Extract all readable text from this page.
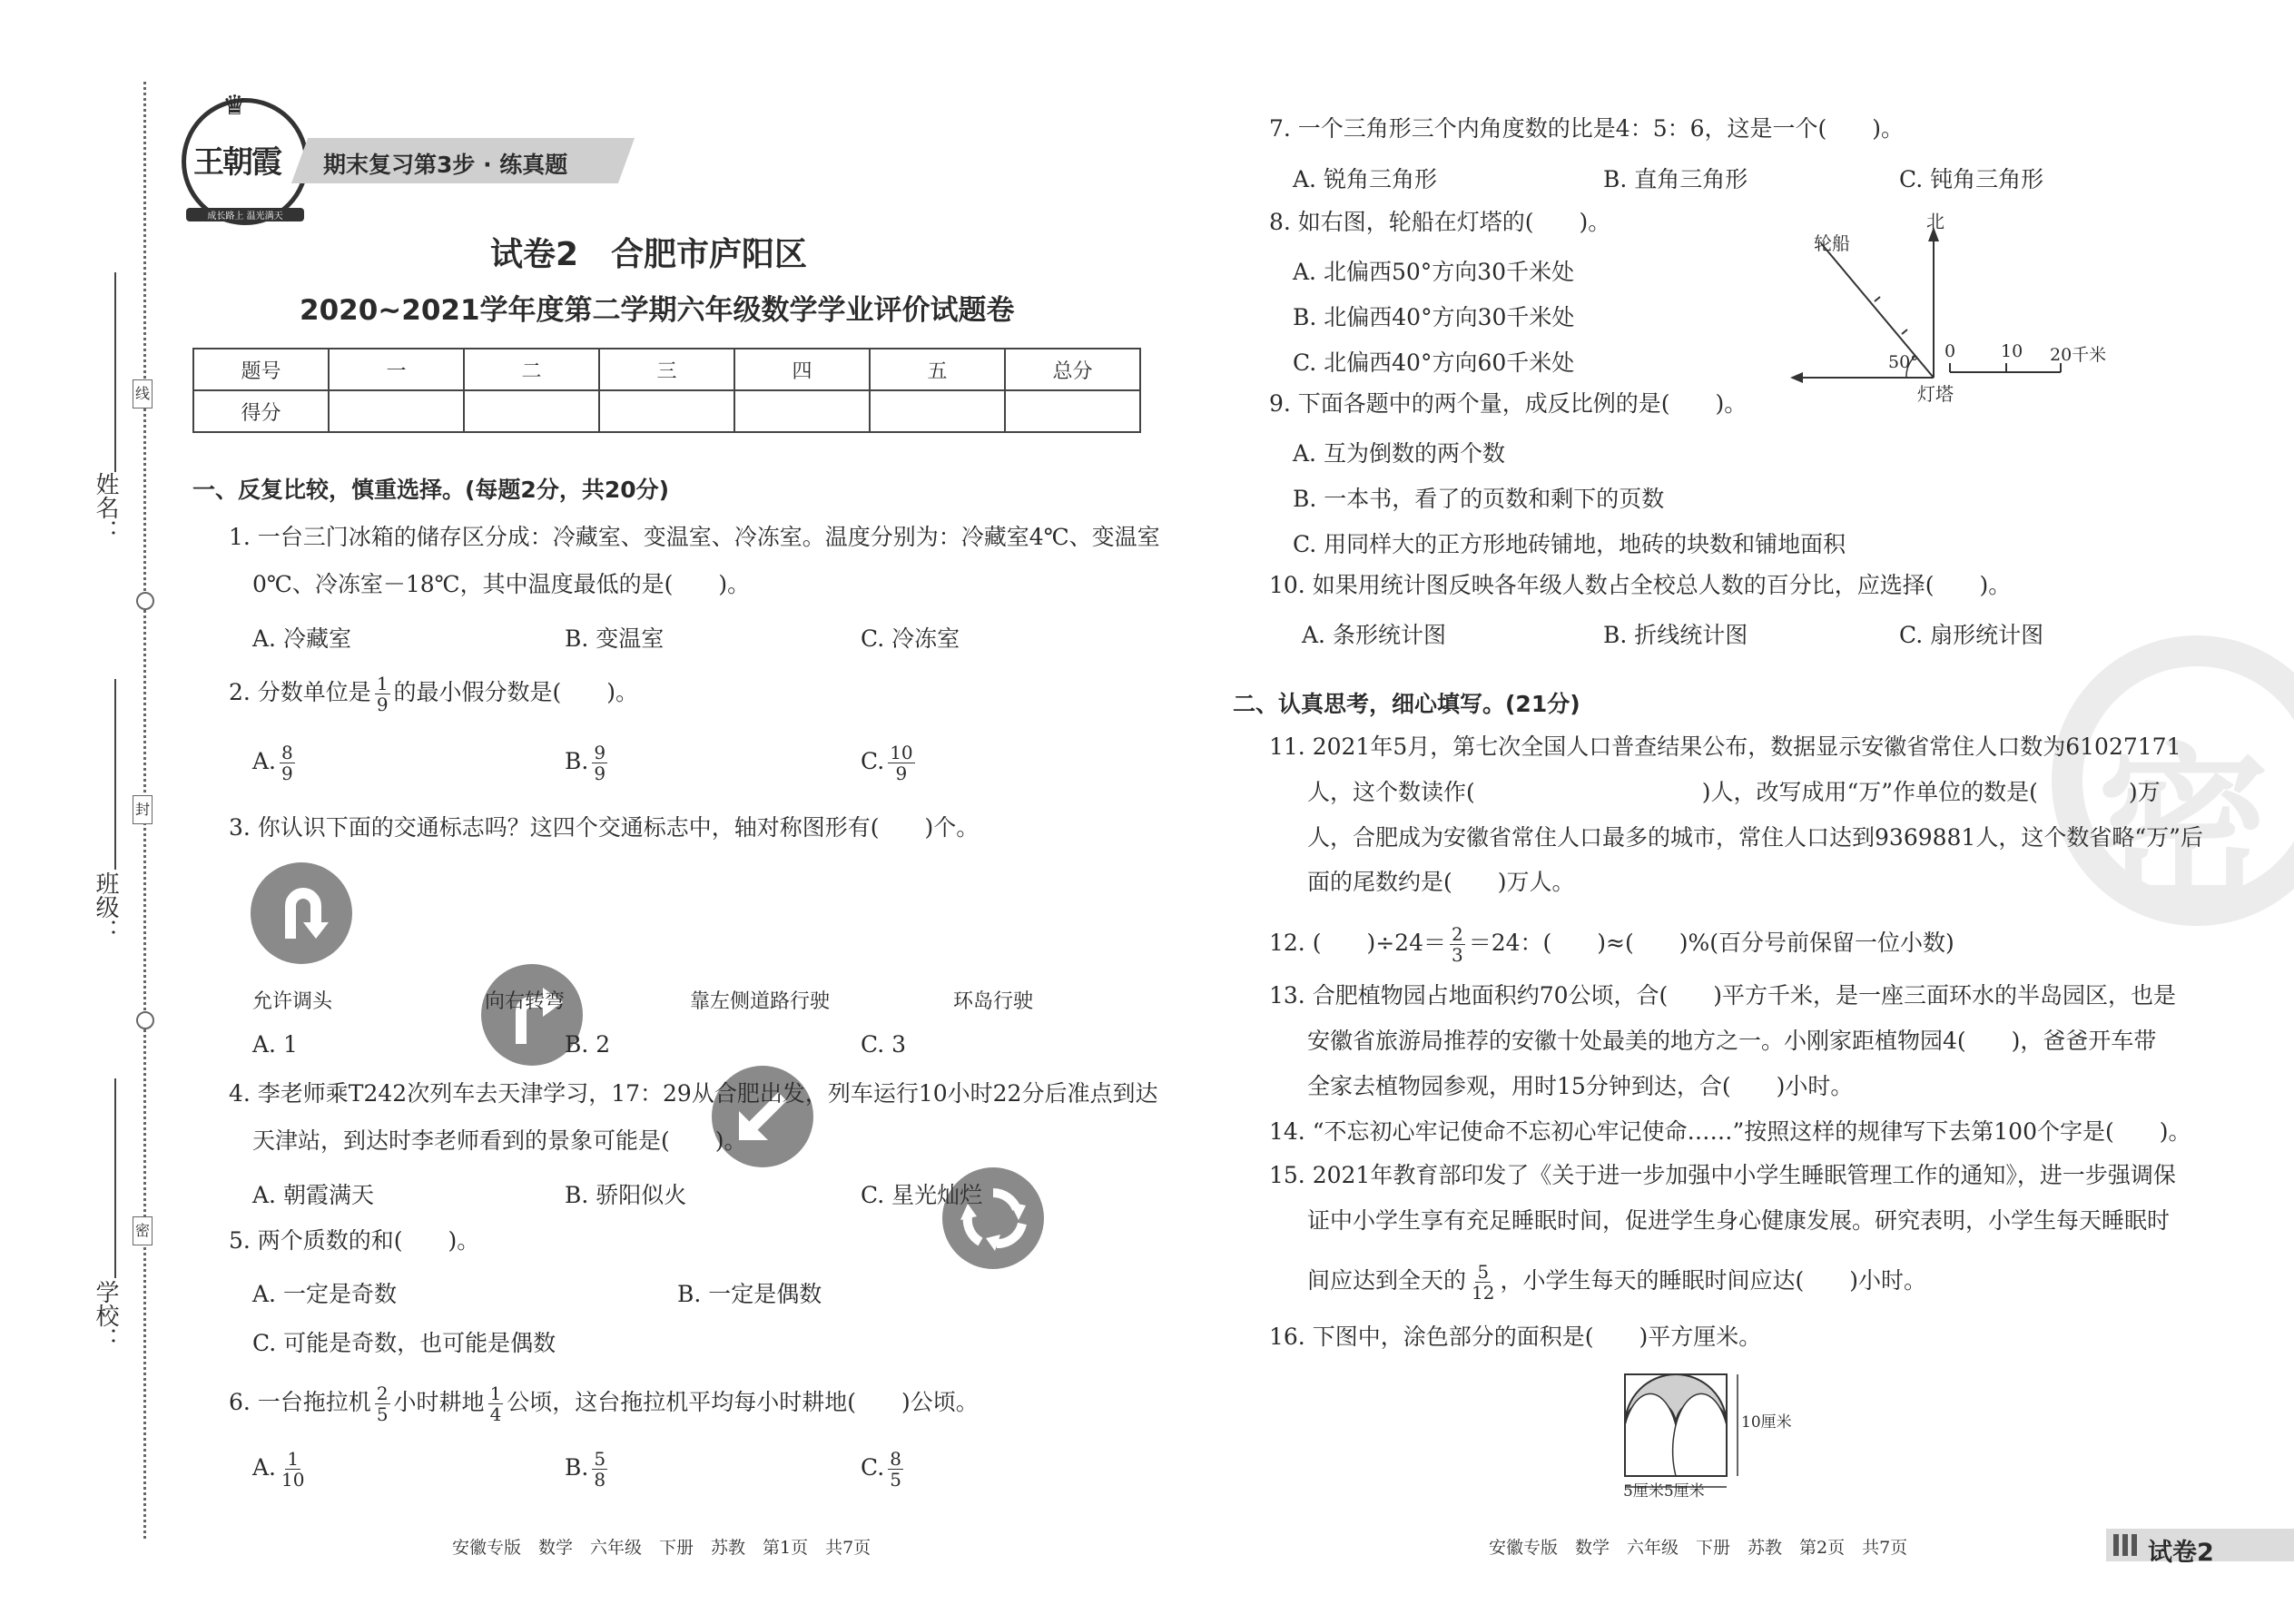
姓名：
班级：
学校：
线
封
密
♛
王朝霞
成长路上 温光满天
期末复习第3步 · 练真题
试卷2　合肥市庐阳区
2020~2021学年度第二学期六年级数学学业评价试题卷
题号	一	二	三	四	五	总分
得分						
一、反复比较，慎重选择。(每题2分，共20分)
1. 一台三门冰箱的储存区分成：冷藏室、变温室、冷冻室。温度分别为：冷藏室4℃、变温室
0℃、冷冻室－18℃，其中温度最低的是(　　)。
A. 冷藏室	B. 变温室	C. 冷冻室
2. 分数单位是 $\frac{1}{9}$ 的最小假分数是(　　)。
A. $\frac{8}{9}$	B. $\frac{9}{9}$	C. $\frac{10}{9}$
3. 你认识下面的交通标志吗？这四个交通标志中，轴对称图形有(　　)个。
允许调头	向右转弯	靠左侧道路行驶	环岛行驶
A. 1	B. 2	C. 3
4. 李老师乘T242次列车去天津学习，17：29从合肥出发，列车运行10小时22分后准点到达
天津站，到达时李老师看到的景象可能是(　　)。
A. 朝霞满天	B. 骄阳似火	C. 星光灿烂
5. 两个质数的和(　　)。
A. 一定是奇数	B. 一定是偶数
C. 可能是奇数，也可能是偶数
6. 一台拖拉机 $\frac{2}{5}$ 小时耕地 $\frac{1}{4}$ 公顷，这台拖拉机平均每小时耕地(　　)公顷。
A. $\frac{1}{10}$	B. $\frac{5}{8}$	C. $\frac{8}{5}$
安徽专版　数学　六年级　下册　苏教　第1页　共7页
密
7. 一个三角形三个内角度数的比是4：5：6，这是一个(　　)。
A. 锐角三角形	B. 直角三角形	C. 钝角三角形
8. 如右图，轮船在灯塔的(　　)。
A. 北偏西50°方向30千米处
B. 北偏西40°方向30千米处
C. 北偏西40°方向60千米处
轮船
北
50°
灯塔
0	10 20千米
9. 下面各题中的两个量，成反比例的是(　　)。
A. 互为倒数的两个数
B. 一本书，看了的页数和剩下的页数
C. 用同样大的正方形地砖铺地，地砖的块数和铺地面积
10. 如果用统计图反映各年级人数占全校总人数的百分比，应选择(　　)。
A. 条形统计图	B. 折线统计图	C. 扇形统计图
二、认真思考，细心填写。(21分)
11. 2021年5月，第七次全国人口普查结果公布，数据显示安徽省常住人口数为61027171
人，这个数读作(　　　　　　　　　　)人，改写成用“万”作单位的数是(　　　　)万
人，合肥成为安徽省常住人口最多的城市，常住人口达到9369881人，这个数省略“万”后
面的尾数约是(　　)万人。
12. (　　)$\div 24= \frac{2}{3} =24$：(　　)≈(　　)%(百分号前保留一位小数)
13. 合肥植物园占地面积约70公顷，合(　　)平方千米，是一座三面环水的半岛园区，也是
安徽省旅游局推荐的安徽十处最美的地方之一。小刚家距植物园4(　　)，爸爸开车带
全家去植物园参观，用时15分钟到达，合(　　)小时。
14. “不忘初心牢记使命不忘初心牢记使命……”按照这样的规律写下去第100个字是(　　)。
15. 2021年教育部印发了《关于进一步加强中小学生睡眠管理工作的通知》，进一步强调保
证中小学生享有充足睡眠时间，促进学生身心健康发展。研究表明，小学生每天睡眠时
间应达到全天的 $\frac{5}{12}$ ，小学生每天的睡眠时间应达(　　)小时。
16. 下图中，涂色部分的面积是(　　)平方厘米。
10厘米
5厘米5厘米
安徽专版　数学　六年级　下册　苏教　第2页　共7页	试卷2
